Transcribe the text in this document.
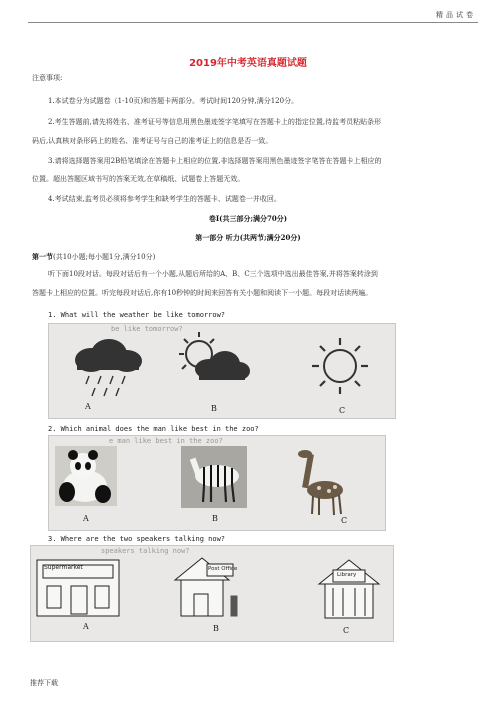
精品试卷
2019年中考英语真题试题
注意事项:
1.本试卷分为试题卷（1-10页)和答题卡两部分。考试时间120分钟,满分120分。
2.考生答题前,请先将姓名、准考证号等信息用黑色墨迹签字笔填写在答题卡上的指定位置,待监考员粘贴条形
码后,认真核对条形码上的姓名、准考证号与自己的准考证上的信息是否一致。
3.请将选择题答案用2B铅笔填涂在答题卡上相应的位置,非选择题答案用黑色墨迹签字笔答在答题卡上相应的
位置。超出答题区域书写的答案无效,在草稿纸、试题卷上答题无效。
4.考试结束,监考员必须将参考学生和缺考学生的答题卡、试题卷一并收回。
卷Ⅰ(共三部分;满分70分)
第一部分 听力(共两节;满分20分)
第一节(共10小题;每小题1分,满分10分)
听下面10段对话。每段对话后有一个小题,从题后所给的A、B、C三个选项中选出最佳答案,并将答案转涂到
答题卡上相应的位置。听完每段对话后,你有10秒钟的时间来回答有关小题和阅读下一小题。每段对话读两遍。
1. What will the weather be like tomorrow?
be like tomorrow?
A	B	C
2. Which animal does the man like best in the zoo?
e man like best in the zoo?
A	B	C
3. Where are the two speakers talking now?
speakers talking now?
Supermarket	Post Office
Library
A	B	C
推荐下载
